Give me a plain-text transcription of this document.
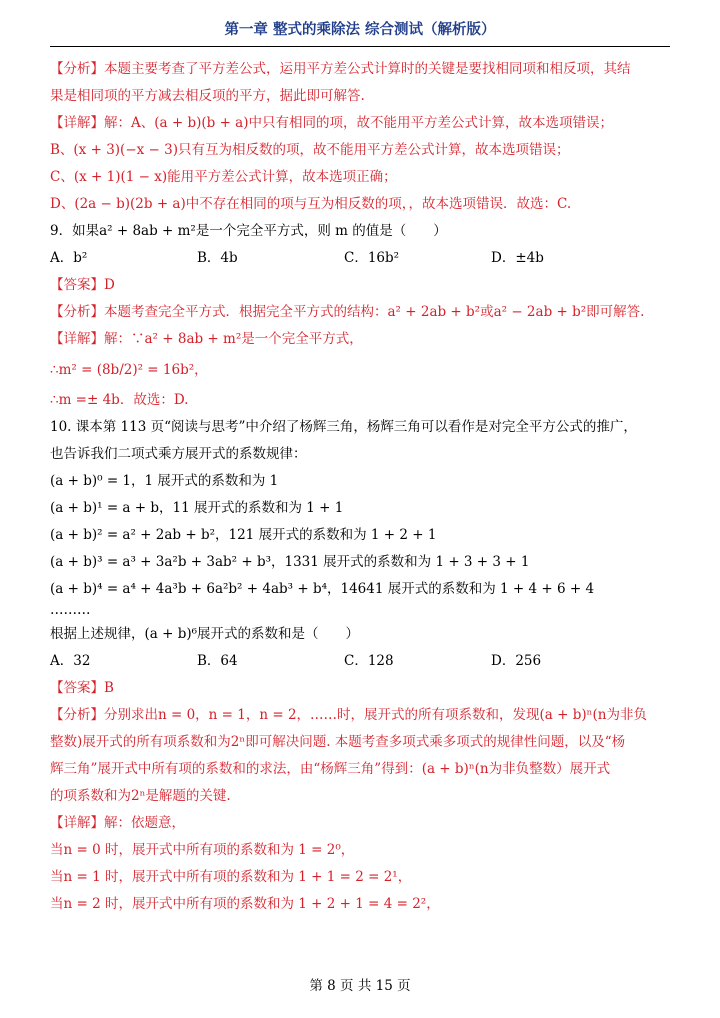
第一章 整式的乘除法 综合测试（解析版）
【分析】本题主要考查了平方差公式，运用平方差公式计算时的关键是要找相同项和相反项，其结
果是相同项的平方减去相反项的平方，据此即可解答.
【详解】解：A、(a + b)(b + a)中只有相同的项，故不能用平方差公式计算，故本选项错误；
B、(x + 3)(−x − 3)只有互为相反数的项，故不能用平方差公式计算，故本选项错误；
C、(x + 1)(1 − x)能用平方差公式计算，故本选项正确；
D、(2a − b)(2b + a)中不存在相同的项与互为相反数的项，，故本选项错误．故选：C.
9．如果a² + 8ab + m²是一个完全平方式，则 m 的值是（　　）
A．b²	B．4b	C．16b²	D．±4b
【答案】D
【分析】本题考查完全平方式．根据完全平方式的结构：a² + 2ab + b²或a² − 2ab + b²即可解答.
【详解】解：∵a² + 8ab + m²是一个完全平方式，
∴m² = (8b/2)² = 16b²，
∴m =± 4b．故选：D.
10. 课本第 113 页“阅读与思考”中介绍了杨辉三角，杨辉三角可以看作是对完全平方公式的推广，
也告诉我们二项式乘方展开式的系数规律：
(a + b)⁰ = 1，1 展开式的系数和为 1
(a + b)¹ = a + b，11 展开式的系数和为 1 + 1
(a + b)² = a² + 2ab + b²，121 展开式的系数和为 1 + 2 + 1
(a + b)³ = a³ + 3a²b + 3ab² + b³，1331 展开式的系数和为 1 + 3 + 3 + 1
(a + b)⁴ = a⁴ + 4a³b + 6a²b² + 4ab³ + b⁴，14641 展开式的系数和为 1 + 4 + 6 + 4
………
根据上述规律，(a + b)⁶展开式的系数和是（　　）
A．32	B．64	C．128	D．256
【答案】B
【分析】分别求出n = 0，n = 1，n = 2，……时，展开式的所有项系数和，发现(a + b)ⁿ(n为非负
整数)展开式的所有项系数和为2ⁿ即可解决问题. 本题考查多项式乘多项式的规律性问题，以及“杨
辉三角”展开式中所有项的系数和的求法，由“杨辉三角”得到：(a + b)ⁿ(n为非负整数）展开式
的项系数和为2ⁿ是解题的关键.
【详解】解：依题意，
当n = 0 时，展开式中所有项的系数和为 1 = 2⁰，
当n = 1 时，展开式中所有项的系数和为 1 + 1 = 2 = 2¹，
当n = 2 时，展开式中所有项的系数和为 1 + 2 + 1 = 4 = 2²，
第 8 页 共 15 页
